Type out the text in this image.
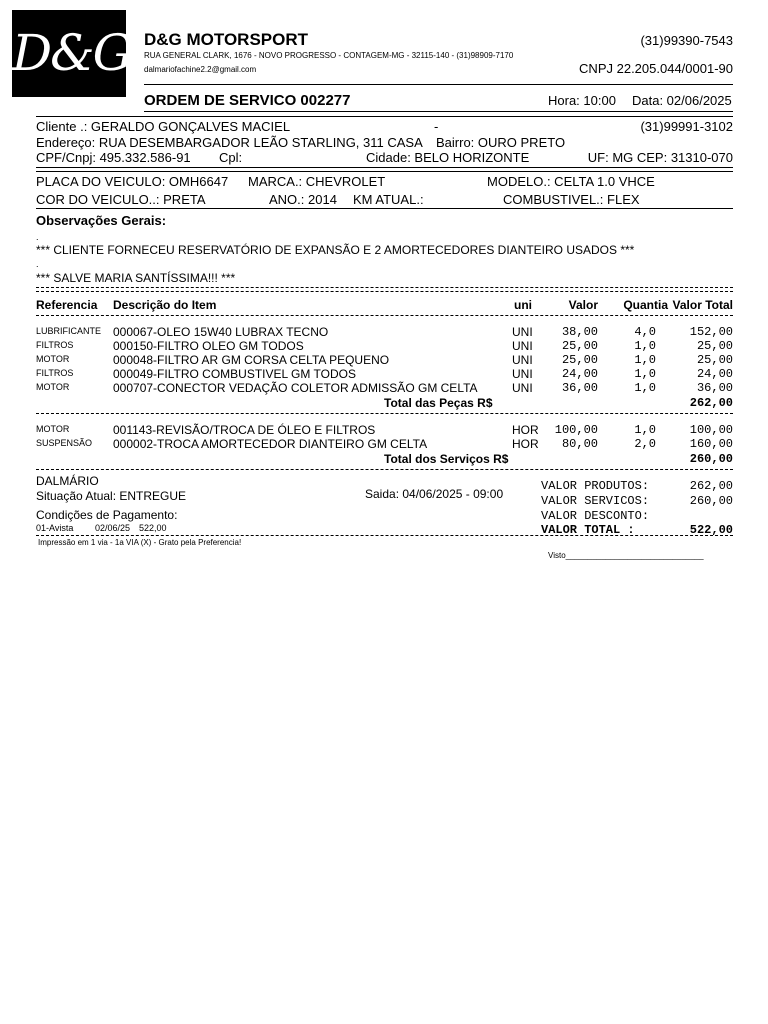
D&G D&G MOTORSPORT
RUA GENERAL CLARK, 1676 - NOVO PROGRESSO - CONTAGEM-MG - 32115-140 - (31)98909-7170
dalmariofachine2.2@gmail.com
(31)99390-7543
CNPJ 22.205.044/0001-90
ORDEM DE SERVICO 002277	Hora: 10:00 Data: 02/06/2025
Cliente .: GERALDO GONÇALVES MACIEL	-	(31)99991-3102
Endereço: RUA DESEMBARGADOR LEÃO STARLING, 311 CASA Bairro: OURO PRETO
CPF/Cnpj: 495.332.586-91 Cpl:	Cidade: BELO HORIZONTE	UF: MG CEP: 31310-070
PLACA DO VEICULO: OMH6647 MARCA.: CHEVROLET	MODELO.: CELTA 1.0 VHCE
COR DO VEICULO..: PRETA	ANO.: 2014 KM ATUAL.:	COMBUSTIVEL.: FLEX
Observações Gerais:
.
*** CLIENTE FORNECEU RESERVATÓRIO DE EXPANSÃO E 2 AMORTECEDORES DIANTEIRO USADOS ***
.
*** SALVE MARIA SANTÍSSIMA!!! ***
Referencia Descrição do Item	uni	Valor Quantia Valor Total
LUBRIFICANTE 000067-OLEO 15W40 LUBRAX TECNO	UNI 38,00	4,0	152,00
FILTROS	000150-FILTRO OLEO GM TODOS	UNI 25,00	1,0	25,00
MOTOR	000048-FILTRO AR GM CORSA CELTA PEQUENO	UNI 25,00	1,0	25,00
FILTROS	000049-FILTRO COMBUSTIVEL GM TODOS	UNI 24,00	1,0	24,00
MOTOR	000707-CONECTOR VEDAÇÃO COLETOR ADMISSÃO GM CELTA	UNI 36,00	1,0	36,00
Total das Peças R$	262,00
MOTOR	001143-REVISÃO/TROCA DE ÓLEO E FILTROS	HOR 100,00	1,0	100,00
SUSPENSÃO 000002-TROCA AMORTECEDOR DIANTEIRO GM CELTA	HOR 80,00	2,0	160,00
Total dos Serviços R$	260,00
DALMÁRIO
Situação Atual: ENTREGUE	Saida: 04/06/2025 - 09:00
Condições de Pagamento:
01-Avista 02/06/25 522,00
VALOR PRODUTOS:	262,00
VALOR SERVICOS:	260,00
VALOR DESCONTO:
VALOR TOTAL :	522,00
Impressão em 1 via - 1a VIA (X) - Grato pela Preferencia!
Visto_______________________________
